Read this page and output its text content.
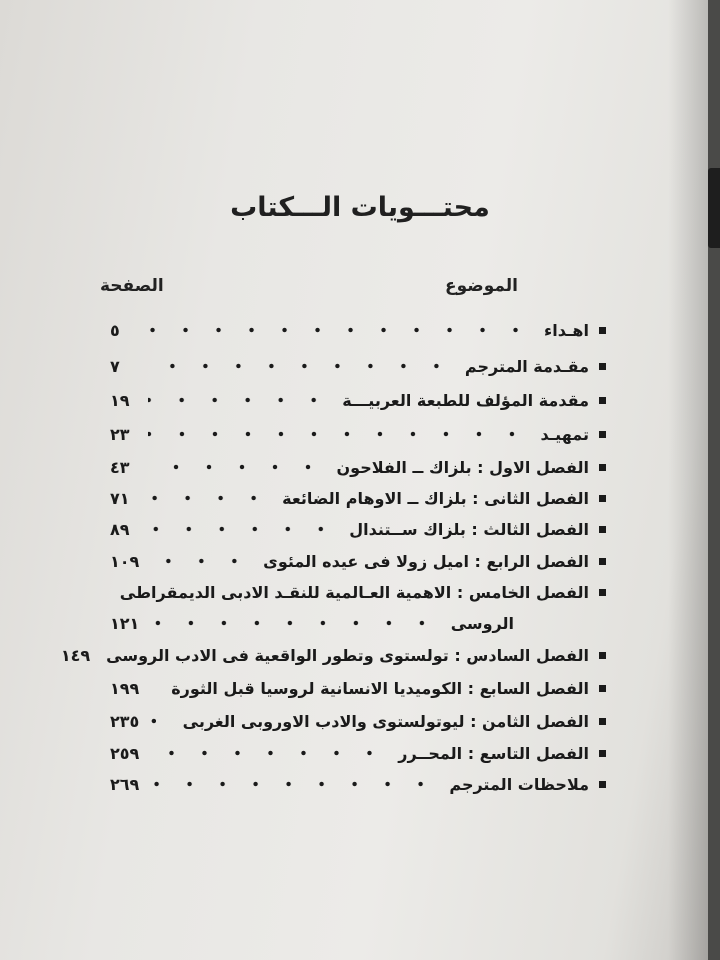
محتـــويات الـــكتاب
الموضوع
الصفحة
اهـداء
٥
مقـدمة المترجم
٧
مقدمة المؤلف للطبعة العربيـــة
١٩
تمهيـد
٢٣
الفصل الاول : بلزاك ــ الفلاحون
٤٣
الفصل الثانى : بلزاك ــ الاوهام الضائعة
٧١
الفصل الثالث : بلزاك ســتندال
٨٩
الفصل الرابع : اميل زولا فى عيده المئوى
١٠٩
الفصل الخامس : الاهمية العـالمية للنقـد الادبى الديمقراطى
الروسى
١٢١
الفصل السادس : تولستوى وتطور الواقعية فى الادب الروسى
١٤٩
الفصل السابع : الكوميديا الانسانية لروسيا قبل الثورة
١٩٩
الفصل الثامن : ليوتولستوى والادب الاوروبى الغربى
٢٣٥
الفصل التاسع : المحــرر
٢٥٩
ملاحظات المترجم
٢٦٩
